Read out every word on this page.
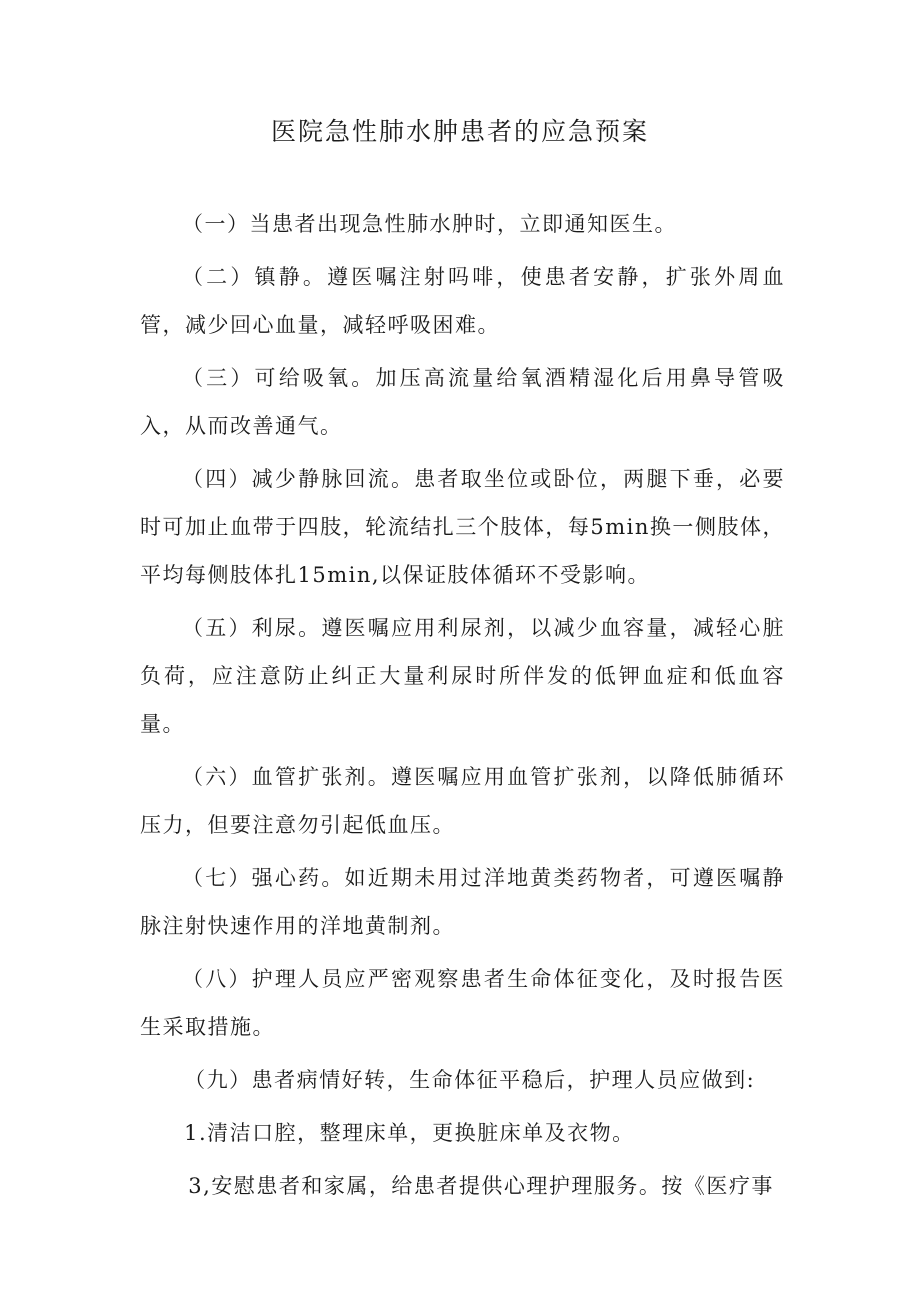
医院急性肺水肿患者的应急预案

（一）当患者出现急性肺水肿时，立即通知医生。

（二）镇静。遵医嘱注射吗啡，使患者安静，扩张外周血管，减少回心血量，减轻呼吸困难。

（三）可给吸氧。加压高流量给氧酒精湿化后用鼻导管吸入，从而改善通气。

（四）减少静脉回流。患者取坐位或卧位，两腿下垂，必要时可加止血带于四肢，轮流结扎三个肢体，每5min换一侧肢体，平均每侧肢体扎15min,以保证肢体循环不受影响。

（五）利尿。遵医嘱应用利尿剂，以减少血容量，减轻心脏负荷，应注意防止纠正大量利尿时所伴发的低钾血症和低血容量。

（六）血管扩张剂。遵医嘱应用血管扩张剂，以降低肺循环压力，但要注意勿引起低血压。

（七）强心药。如近期未用过洋地黄类药物者，可遵医嘱静脉注射快速作用的洋地黄制剂。

（八）护理人员应严密观察患者生命体征变化，及时报告医生采取措施。

（九）患者病情好转，生命体征平稳后，护理人员应做到:

1.清洁口腔，整理床单，更换脏床单及衣物。

3,安慰患者和家属，给患者提供心理护理服务。按《医疗事
